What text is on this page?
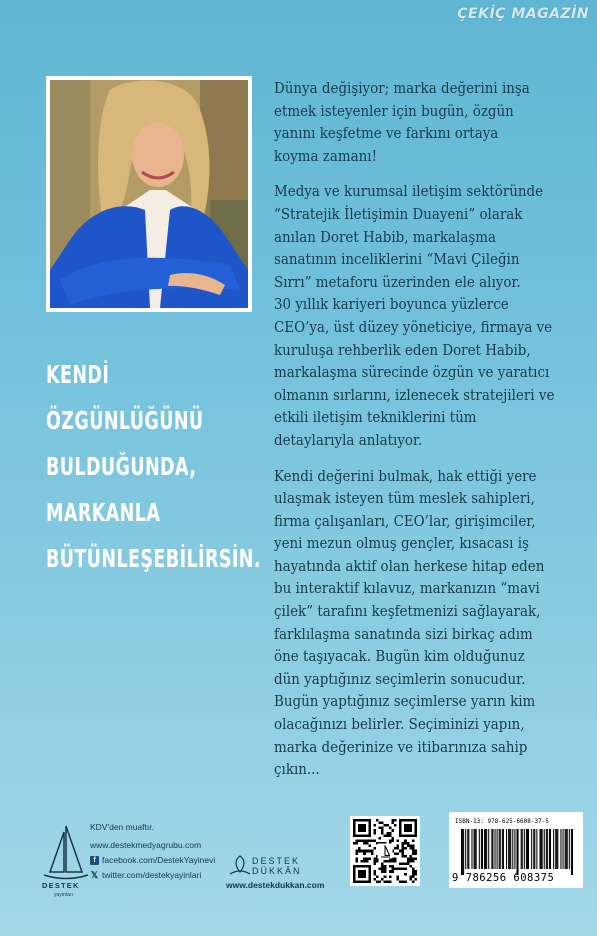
ÇEKİÇ MAGAZİN
KENDİ
ÖZGÜNLÜĞÜNÜ
BULDUĞUNDA,
MARKANLA
BÜTÜNLEŞEBİLİRSİN.

Dünya değişiyor; marka değerini inşa
etmek isteyenler için bugün, özgün
yanını keşfetme ve farkını ortaya
koyma zamanı!

Medya ve kurumsal iletişim sektöründe
“Stratejik İletişimin Duayeni” olarak
anılan Doret Habib, markalaşma
sanatının inceliklerini “Mavi Çileğin
Sırrı” metaforu üzerinden ele alıyor.
30 yıllık kariyeri boyunca yüzlerce
CEO’ya, üst düzey yöneticiye, firmaya ve
kuruluşa rehberlik eden Doret Habib,
markalaşma sürecinde özgün ve yaratıcı
olmanın sırlarını, izlenecek stratejileri ve
etkili iletişim tekniklerini tüm
detaylarıyla anlatıyor.

Kendi değerini bulmak, hak ettiği yere
ulaşmak isteyen tüm meslek sahipleri,
firma çalışanları, CEO’lar, girişimciler,
yeni mezun olmuş gençler, kısacası iş
hayatında aktif olan herkese hitap eden
bu interaktif kılavuz, markanızın “mavi
çilek” tarafını keşfetmenizi sağlayarak,
farklılaşma sanatında sizi birkaç adım
öne taşıyacak. Bugün kim olduğunuz
dün yaptığınız seçimlerin sonucudur.
Bugün yaptığınız seçimlerse yarın kim
olacağınızı belirler. Seçiminizi yapın,
marka değerinize ve itibarınıza sahip
çıkın...

DESTEK
yayınları
KDV'den muaftır.
www.destekmedyagrubu.com
f facebook.com/DestekYayinevi
𝕏 twitter.com/destekyayinlari
DESTEK
DÜKKÂN
www.destekdukkan.com
ISBN-13: 978-625-6608-37-5
9 786256 608375
